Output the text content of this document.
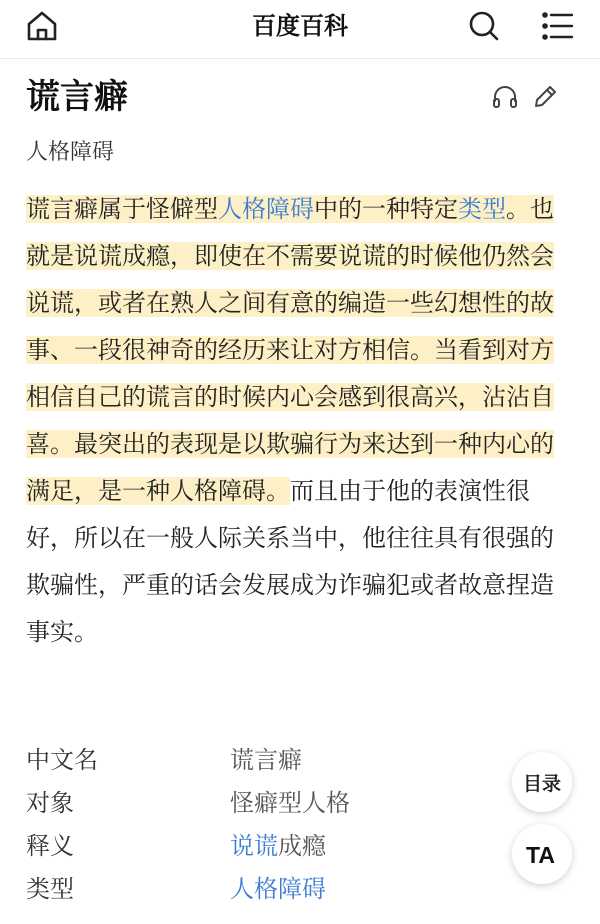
百度百科
谎言癖
人格障碍

谎言癖属于怪僻型人格障碍中的一种特定类型。也就是说谎成瘾，即使在不需要说谎的时候他仍然会说谎，或者在熟人之间有意的编造一些幻想性的故事、一段很神奇的经历来让对方相信。当看到对方相信自己的谎言的时候内心会感到很高兴，沾沾自喜。最突出的表现是以欺骗行为来达到一种内心的满足，是一种人格障碍。而且由于他的表演性很好，所以在一般人际关系当中，他往往具有很强的欺骗性，严重的话会发展成为诈骗犯或者故意捏造事实。

中文名	谎言癖
对象	怪癖型人格
释义	说谎成瘾
类型	人格障碍
目录
TA
